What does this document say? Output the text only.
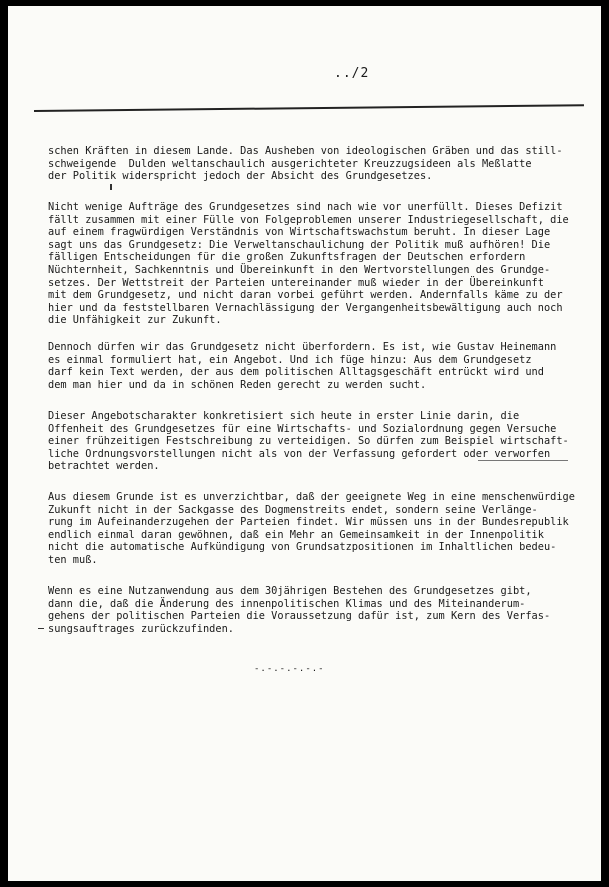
../2
schen Kräften in diesem Lande. Das Ausheben von ideologischen Gräben und das still-
schweigende  Dulden weltanschaulich ausgerichteter Kreuzzugsideen als Meßlatte
der Politik widerspricht jedoch der Absicht des Grundgesetzes.
Nicht wenige Aufträge des Grundgesetzes sind nach wie vor unerfüllt. Dieses Defizit
fällt zusammen mit einer Fülle von Folgeproblemen unserer Industriegesellschaft, die
auf einem fragwürdigen Verständnis von Wirtschaftswachstum beruht. In dieser Lage
sagt uns das Grundgesetz: Die Verweltanschaulichung der Politik muß aufhören! Die
fälligen Entscheidungen für die großen Zukunftsfragen der Deutschen erfordern
Nüchternheit, Sachkenntnis und Übereinkunft in den Wertvorstellungen des Grundge-
setzes. Der Wettstreit der Parteien untereinander muß wieder in der Übereinkunft
mit dem Grundgesetz, und nicht daran vorbei geführt werden. Andernfalls käme zu der
hier und da feststellbaren Vernachlässigung der Vergangenheitsbewältigung auch noch
die Unfähigkeit zur Zukunft.
Dennoch dürfen wir das Grundgesetz nicht überfordern. Es ist, wie Gustav Heinemann
es einmal formuliert hat, ein Angebot. Und ich füge hinzu: Aus dem Grundgesetz
darf kein Text werden, der aus dem politischen Alltagsgeschäft entrückt wird und
dem man hier und da in schönen Reden gerecht zu werden sucht.
Dieser Angebotscharakter konkretisiert sich heute in erster Linie darin, die
Offenheit des Grundgesetzes für eine Wirtschafts- und Sozialordnung gegen Versuche
einer frühzeitigen Festschreibung zu verteidigen. So dürfen zum Beispiel wirtschaft-
liche Ordnungsvorstellungen nicht als von der Verfassung gefordert oder verworfen
betrachtet werden.
Aus diesem Grunde ist es unverzichtbar, daß der geeignete Weg in eine menschenwürdige
Zukunft nicht in der Sackgasse des Dogmenstreits endet, sondern seine Verlänge-
rung im Aufeinanderzugehen der Parteien findet. Wir müssen uns in der Bundesrepublik
endlich einmal daran gewöhnen, daß ein Mehr an Gemeinsamkeit in der Innenpolitik
nicht die automatische Aufkündigung von Grundsatzpositionen im Inhaltlichen bedeu-
ten muß.
Wenn es eine Nutzanwendung aus dem 30jährigen Bestehen des Grundgesetzes gibt,
dann die, daß die Änderung des innenpolitischen Klimas und des Miteinanderum-
gehens der politischen Parteien die Voraussetzung dafür ist, zum Kern des Verfas-
sungsauftrages zurückzufinden.
-.-.-.-.-.-
